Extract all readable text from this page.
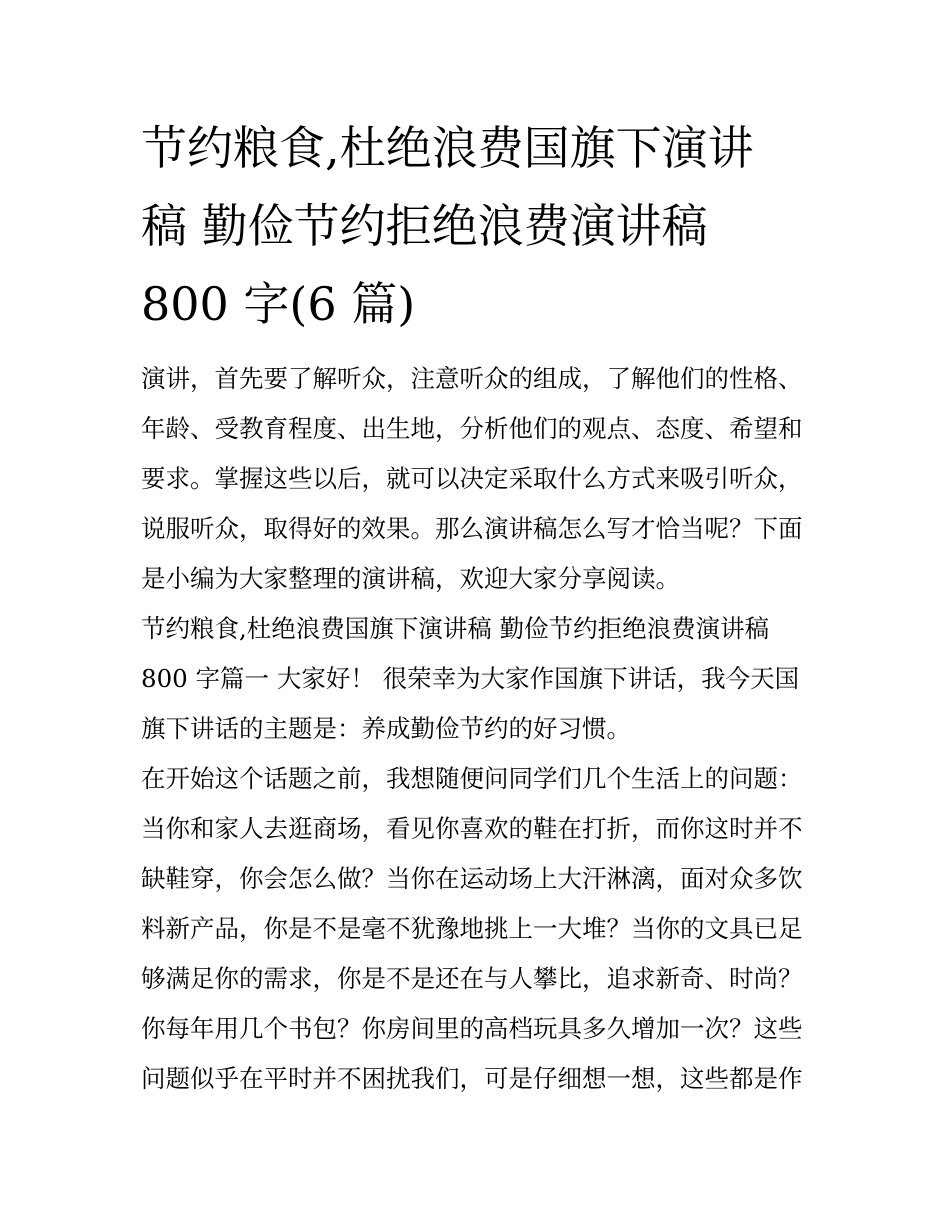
节约粮食,杜绝浪费国旗下演讲
稿 勤俭节约拒绝浪费演讲稿
800 字(6 篇)

演讲，首先要了解听众，注意听众的组成，了解他们的性格、

年龄、受教育程度、出生地，分析他们的观点、态度、希望和

要求。掌握这些以后，就可以决定采取什么方式来吸引听众，

说服听众，取得好的效果。那么演讲稿怎么写才恰当呢？下面

是小编为大家整理的演讲稿，欢迎大家分享阅读。

节约粮食,杜绝浪费国旗下演讲稿 勤俭节约拒绝浪费演讲稿

800 字篇一 大家好！ 很荣幸为大家作国旗下讲话，我今天国

旗下讲话的主题是：养成勤俭节约的好习惯。

在开始这个话题之前，我想随便问同学们几个生活上的问题：

当你和家人去逛商场，看见你喜欢的鞋在打折，而你这时并不

缺鞋穿，你会怎么做？当你在运动场上大汗淋漓，面对众多饮

料新产品，你是不是毫不犹豫地挑上一大堆？当你的文具已足

够满足你的需求，你是不是还在与人攀比，追求新奇、时尚？

你每年用几个书包？你房间里的高档玩具多久增加一次？这些

问题似乎在平时并不困扰我们，可是仔细想一想，这些都是作
